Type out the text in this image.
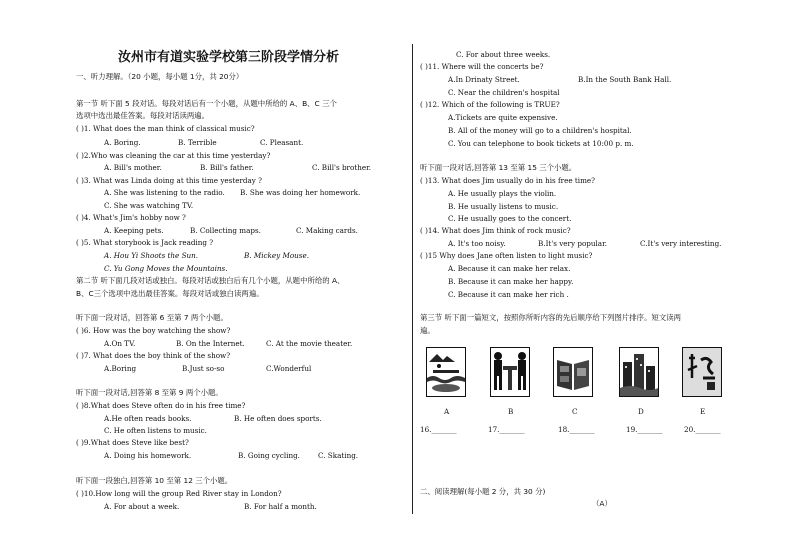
汝州市有道实验学校第三阶段学情分析
一、听力理解。（20 小题，每小题 1分，共 20分）
第一节 听下面 5 段对话。每段对话后有一个小题，从题中所给的 A、B、C 三个
选项中选出最佳答案。每段对话读两遍。
( )1. What does the man think of classical music?
A. Boring.	B. Terrible	C. Pleasant.
( )2.Who was cleaning the car at this time yesterday?
A. Bill's mother.	B. Bill's father.	C. Bill's brother.
( )3. What was Linda doing at this time yesterday ?
A. She was listening to the radio. B. She was doing her homework.
C. She was watching TV.
( )4. What's Jim's hobby now ?
A. Keeping pets.	B. Collecting maps.	C. Making cards.
( )5. What storybook is Jack reading ?
A. Hou Yi Shoots the Sun.	B. Mickey Mouse.
C. Yu Gong Moves the Mountains.
第二节 听下面几段对话或独白。每段对话或独白后有几个小题，从题中所给的 A、
B、C三个选项中选出最佳答案。每段对话或独白读两遍。
听下面一段对话，回答第 6 至第 7 两个小题。
( )6. How was the boy watching the show?
A.On TV.	B. On the Internet.	C. At the movie theater.
( )7. What does the boy think of the show?
A.Boring	B.Just so-so	C.Wonderful
听下面一段对话,回答第 8 至第 9 两个小题。
( )8.What does Steve often do in his free time?
A.He often reads books.	B. He often does sports.
C. He often listens to music.
( )9.What does Steve like best?
A. Doing his homework.	B. Going cycling.	C. Skating.
听下面一段独白,回答第 10 至第 12 三个小题。
( )10.How long will the group Red River stay in London?
A. For about a week.	B. For half a month.
C. For about three weeks.
( )11. Where will the concerts be?
A.In Drinaty Street.	B.In the South Bank Hall.
C. Near the children's hospital
( )12. Which of the following is TRUE?
A.Tickets are quite expensive.
B. All of the money will go to a children's hospital.
C. You can telephone to book tickets at 10:00 p. m.
听下面一段对话,回答第 13 至第 15 三个小题。
( )13. What does Jim usually do in his free time?
A. He usually plays the violin.
B. He usually listens to music.
C. He usually goes to the concert.
( )14. What does Jim think of rock music?
A. It's too noisy.	B.It's very popular.	C.It's very interesting.
( )15 Why does Jane often listen to light music?
A. Because it can make her relax.
B. Because it can make her happy.
C. Because it can make her rich .
第三节 听下面一篇短文，按照你所听内容的先后顺序给下列图片排序。短文读两
遍。
A	B	C	D	E
16._______	17._______	18._______	19._______	20._______
二、阅读理解(每小题 2 分，共 30 分)
（A）
